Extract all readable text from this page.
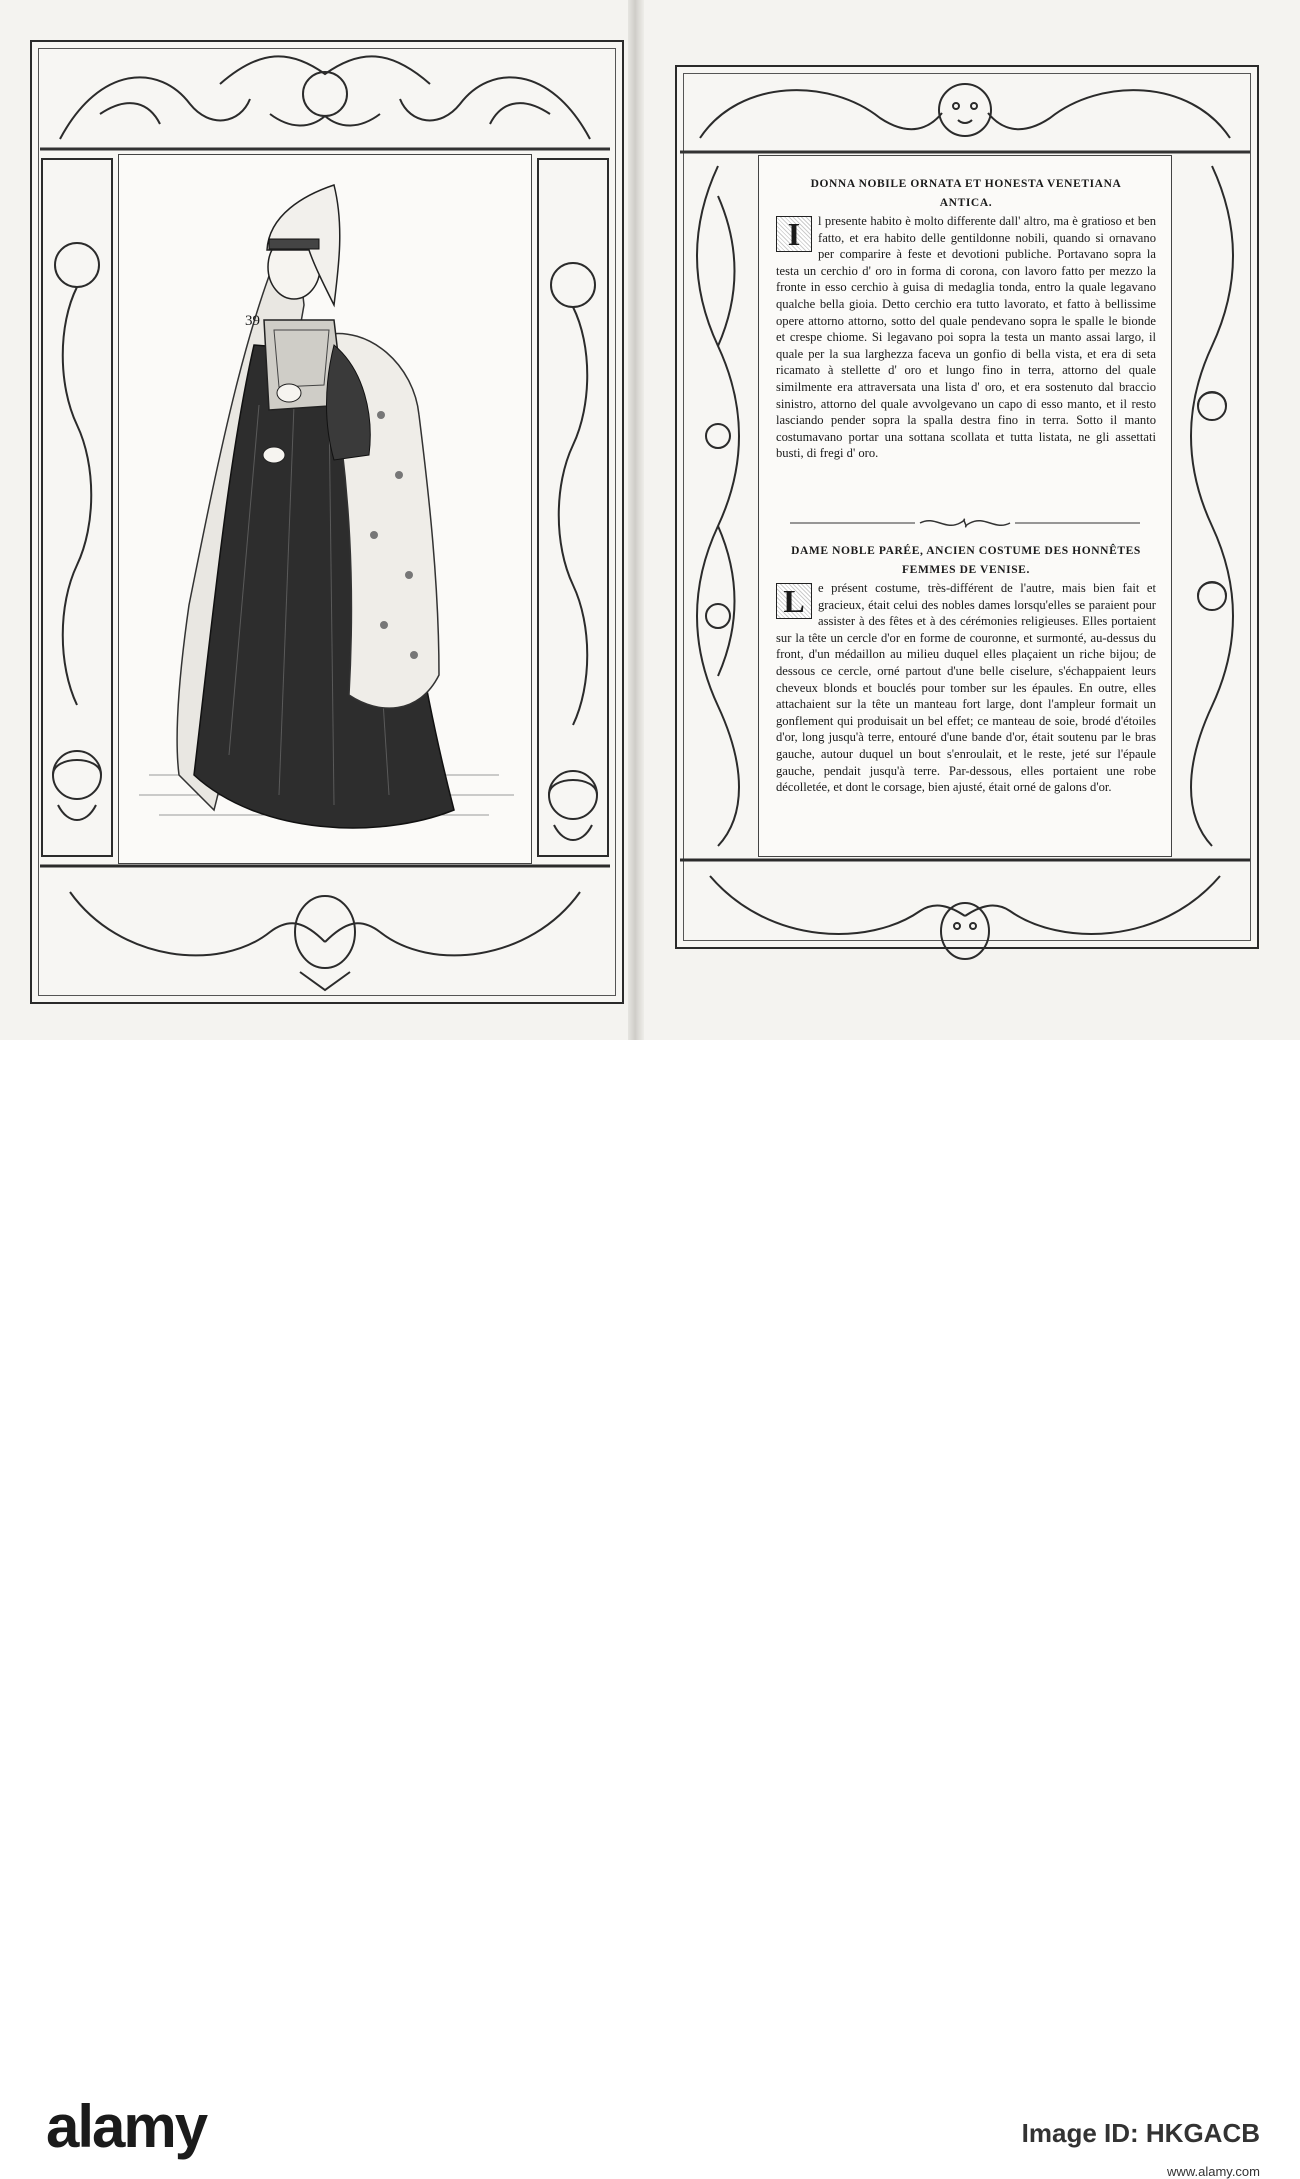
39

DONNA NOBILE ORNATA ET HONESTA VENETIANA
ANTICA.

I	l presente habito è molto differente dall' altro, ma è gratioso et ben fatto, et era habito delle gentildonne nobili, quando si ornavano per comparire à feste et devotioni publiche. Portavano sopra la testa un cerchio d' oro in forma di corona, con lavoro fatto per mezzo la fronte in esso cerchio à guisa di medaglia tonda, entro la quale legavano qualche bella gioia. Detto cerchio era tutto lavorato, et fatto à bellissime opere attorno attorno, sotto del quale pendevano sopra le spalle le bionde et crespe chiome. Si legavano poi sopra la testa un manto assai largo, il quale per la sua larghezza faceva un gonfio di bella vista, et era di seta ricamato à stellette d' oro et lungo fino in terra, attorno del quale similmente era attraversata una lista d' oro, et era sostenuto dal braccio sinistro, attorno del quale avvolgevano un capo di esso manto, et il resto lasciando pender sopra la spalla destra fino in terra. Sotto il manto costumavano portar una sottana scollata et tutta listata, ne gli assettati busti, di fregi d' oro.

DAME NOBLE PARÉE, ANCIEN COSTUME DES HONNÊTES
FEMMES DE VENISE.

L	e présent costume, très-différent de l'autre, mais bien fait et gracieux, était celui des nobles dames lorsqu'elles se paraient pour assister à des fêtes et à des cérémonies religieuses. Elles portaient sur la tête un cercle d'or en forme de couronne, et surmonté, au-dessus du front, d'un médaillon au milieu duquel elles plaçaient un riche bijou; de dessous ce cercle, orné partout d'une belle ciselure, s'échappaient leurs cheveux blonds et bouclés pour tomber sur les épaules. En outre, elles attachaient sur la tête un manteau fort large, dont l'ampleur formait un gonflement qui produisait un bel effet; ce manteau de soie, brodé d'étoiles d'or, long jusqu'à terre, entouré d'une bande d'or, était soutenu par le bras gauche, autour duquel un bout s'enroulait, et le reste, jeté sur l'épaule gauche, pendait jusqu'à terre. Par-dessous, elles portaient une robe décolletée, et dont le corsage, bien ajusté, était orné de galons d'or.

alamy	Image ID: HKGACB
www.alamy.com
